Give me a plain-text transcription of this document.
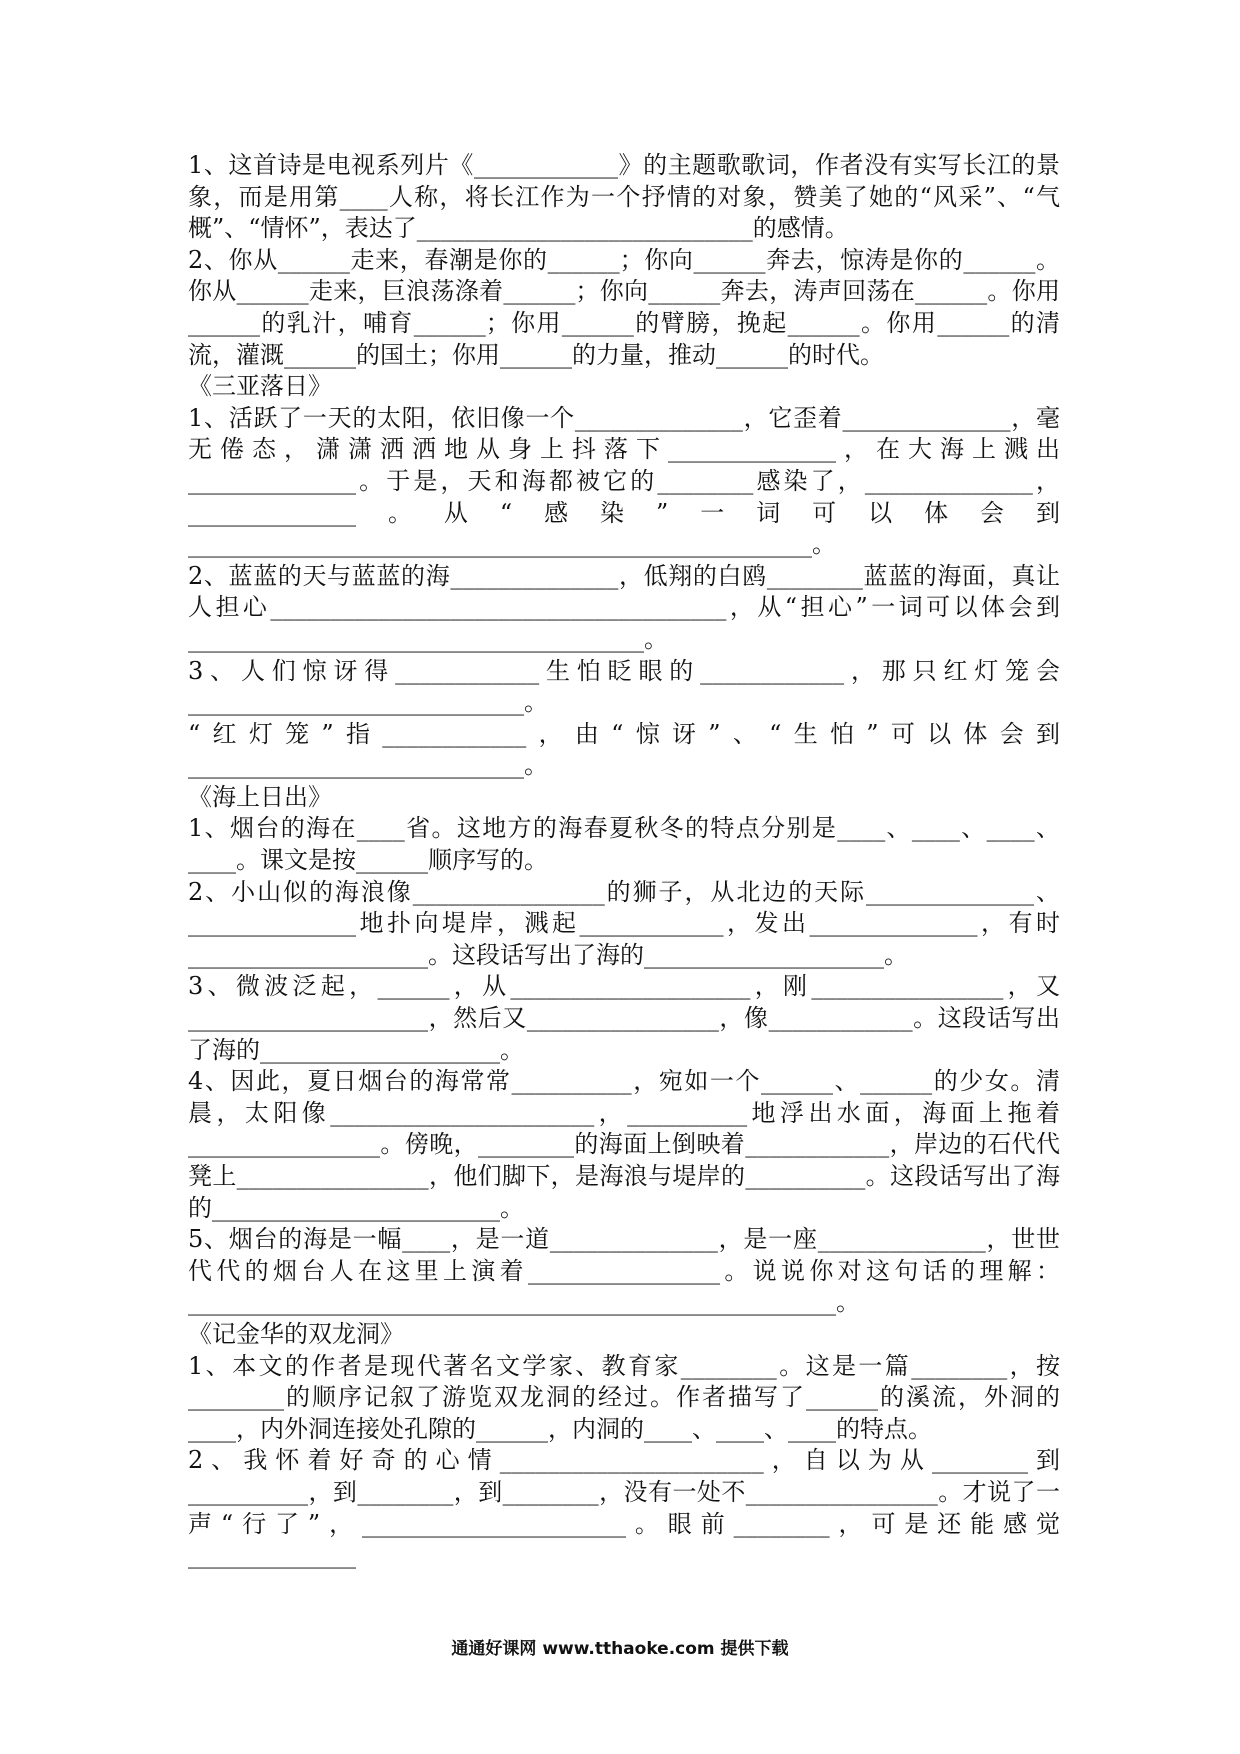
1、这首诗是电视系列片《____________》的主题歌歌词，作者没有实写长江的景象，而是用第____人称，将长江作为一个抒情的对象，赞美了她的“风采”、“气概”、“情怀”，表达了____________________________的感情。

2、你从______走来，春潮是你的______；你向______奔去，惊涛是你的______。你从______走来，巨浪荡涤着______；你向______奔去，涛声回荡在______。你用______的乳汁，哺育______；你用______的臂膀，挽起______。你用______的清流，灌溉______的国土；你用______的力量，推动______的时代。

《三亚落日》

1、活跃了一天的太阳，依旧像一个______________，它歪着______________，毫无倦态，潇潇洒洒地从身上抖落下______________，在大海上溅出______________。于是，天和海都被它的________感染了，______________，______________。从“感染”一词可以体会到____________________________________________________。

2、蓝蓝的天与蓝蓝的海______________，低翔的白鸥________蓝蓝的海面，真让人担心______________________________________，从“担心”一词可以体会到______________________________________。

3、人们惊讶得____________生怕眨眼的____________，那只红灯笼会____________________________。

“红灯笼”指____________，由“惊讶”、“生怕”可以体会到____________________________。

《海上日出》

1、烟台的海在____省。这地方的海春夏秋冬的特点分别是____、____、____、____。课文是按______顺序写的。

2、小山似的海浪像________________的狮子，从北边的天际______________、______________地扑向堤岸，溅起____________，发出______________，有时____________________。这段话写出了海的____________________。

3、微波泛起，______，从____________________，刚________________，又____________________，然后又________________，像____________。这段话写出了海的____________________。

4、因此，夏日烟台的海常常__________，宛如一个______、______的少女。清晨，太阳像______________________，__________地浮出水面，海面上拖着________________。傍晚，________的海面上倒映着____________，岸边的石代代凳上________________，他们脚下，是海浪与堤岸的__________。这段话写出了海的________________________。

5、烟台的海是一幅____，是一道______________，是一座______________，世世代代的烟台人在这里上演着________________。说说你对这句话的理解：______________________________________________________。

《记金华的双龙洞》

1、本文的作者是现代著名文学家、教育家________。这是一篇________，按________的顺序记叙了游览双龙洞的经过。作者描写了______的溪流，外洞的____，内外洞连接处孔隙的______，内洞的____、____、____的特点。

2、我怀着好奇的心情______________________，自以为从________到__________，到________，到________，没有一处不________________。才说了一声“行了”，______________________。眼前________，可是还能感觉______________

通通好课网 www.tthaoke.com 提供下载
